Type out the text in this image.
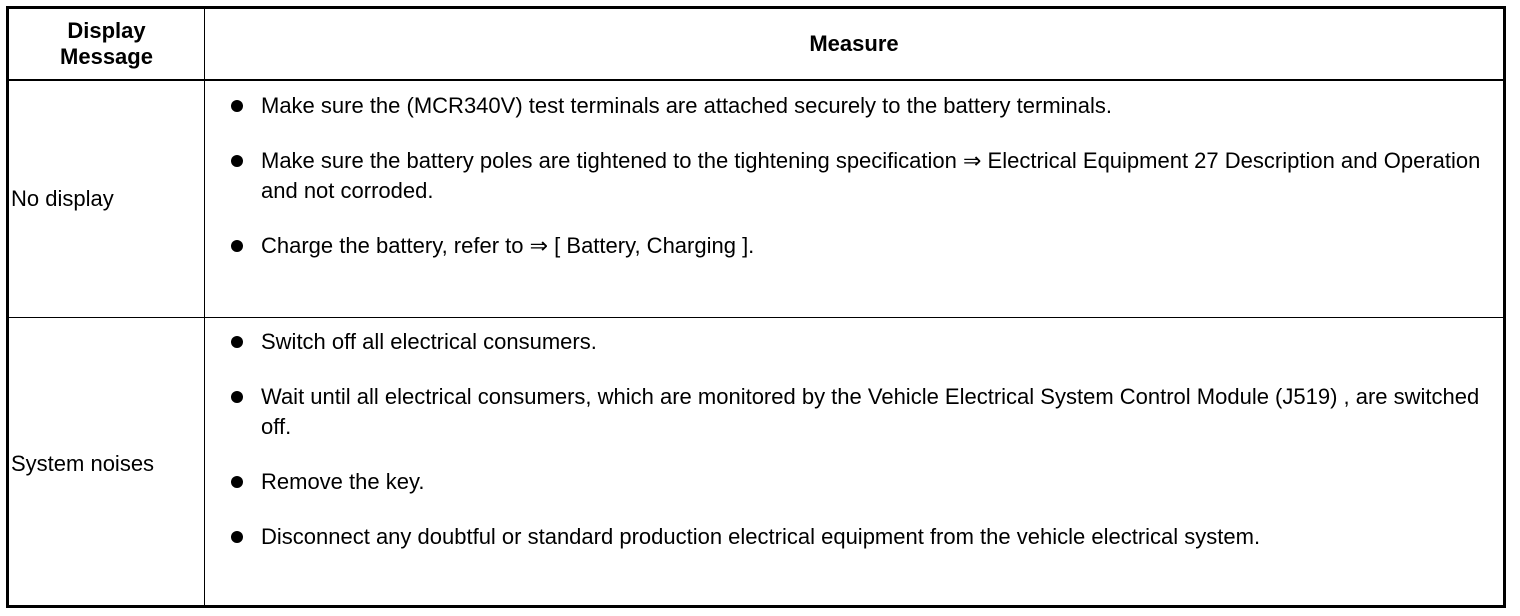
Display
Message
Measure
No display
Make sure the (MCR340V) test terminals are attached securely to the battery terminals.
Make sure the battery poles are tightened to the tightening specification ⇒ Electrical Equipment 27 Description and Operation and not corroded.
Charge the battery, refer to ⇒ [ Battery, Charging ].
System noises
Switch off all electrical consumers.
Wait until all electrical consumers, which are monitored by the Vehicle Electrical System Control Module (J519) , are switched off.
Remove the key.
Disconnect any doubtful or standard production electrical equipment from the vehicle electrical system.
